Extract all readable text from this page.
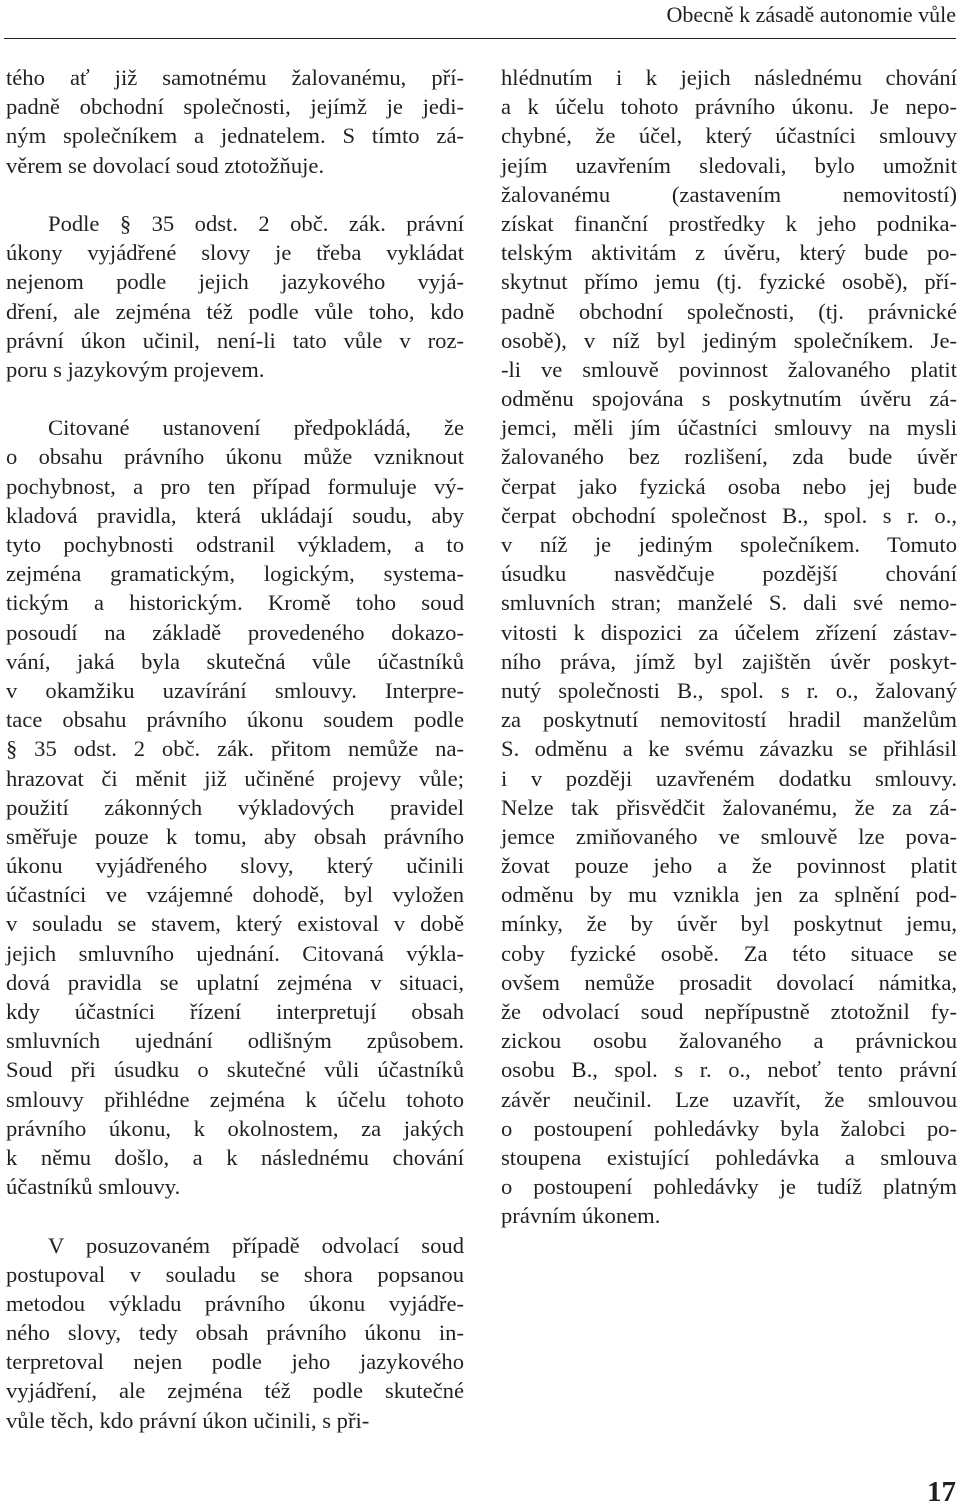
Obecně k zásadě autonomie vůle
tého ať již samotnému žalovanému, pří-
padně obchodní společnosti, jejímž je jedi-
ným společníkem a jednatelem. S tímto zá-
věrem se dovolací soud ztotožňuje.
Podle § 35 odst. 2 obč. zák. právní
úkony vyjádřené slovy je třeba vykládat
nejenom podle jejich jazykového vyjá-
dření, ale zejména též podle vůle toho, kdo
právní úkon učinil, není-li tato vůle v roz-
poru s jazykovým projevem.
Citované ustanovení předpokládá, že
o obsahu právního úkonu může vzniknout
pochybnost, a pro ten případ formuluje vý-
kladová pravidla, která ukládají soudu, aby
tyto pochybnosti odstranil výkladem, a to
zejména gramatickým, logickým, systema-
tickým a historickým. Kromě toho soud
posoudí na základě provedeného dokazo-
vání, jaká byla skutečná vůle účastníků
v okamžiku uzavírání smlouvy. Interpre-
tace obsahu právního úkonu soudem podle
§ 35 odst. 2 obč. zák. přitom nemůže na-
hrazovat či měnit již učiněné projevy vůle;
použití zákonných výkladových pravidel
směřuje pouze k tomu, aby obsah právního
úkonu vyjádřeného slovy, který učinili
účastníci ve vzájemné dohodě, byl vyložen
v souladu se stavem, který existoval v době
jejich smluvního ujednání. Citovaná výkla-
dová pravidla se uplatní zejména v situaci,
kdy účastníci řízení interpretují obsah
smluvních ujednání odlišným způsobem.
Soud při úsudku o skutečné vůli účastníků
smlouvy přihlédne zejména k účelu tohoto
právního úkonu, k okolnostem, za jakých
k němu došlo, a k následnému chování
účastníků smlouvy.
V posuzovaném případě odvolací soud
postupoval v souladu se shora popsanou
metodou výkladu právního úkonu vyjádře-
ného slovy, tedy obsah právního úkonu in-
terpretoval nejen podle jeho jazykového
vyjádření, ale zejména též podle skutečné
vůle těch, kdo právní úkon učinili, s při-
hlédnutím i k jejich následnému chování
a k účelu tohoto právního úkonu. Je nepo-
chybné, že účel, který účastníci smlouvy
jejím uzavřením sledovali, bylo umožnit
žalovanému (zastavením nemovitostí)
získat finanční prostředky k jeho podnika-
telským aktivitám z úvěru, který bude po-
skytnut přímo jemu (tj. fyzické osobě), pří-
padně obchodní společnosti, (tj. právnické
osobě), v níž byl jediným společníkem. Je-
-li ve smlouvě povinnost žalovaného platit
odměnu spojována s poskytnutím úvěru zá-
jemci, měli jím účastníci smlouvy na mysli
žalovaného bez rozlišení, zda bude úvěr
čerpat jako fyzická osoba nebo jej bude
čerpat obchodní společnost B., spol. s r. o.,
v níž je jediným společníkem. Tomuto
úsudku nasvědčuje pozdější chování
smluvních stran; manželé S. dali své nemo-
vitosti k dispozici za účelem zřízení zástav-
ního práva, jímž byl zajištěn úvěr poskyt-
nutý společnosti B., spol. s r. o., žalovaný
za poskytnutí nemovitostí hradil manželům
S. odměnu a ke svému závazku se přihlásil
i v později uzavřeném dodatku smlouvy.
Nelze tak přisvědčit žalovanému, že za zá-
jemce zmiňovaného ve smlouvě lze pova-
žovat pouze jeho a že povinnost platit
odměnu by mu vznikla jen za splnění pod-
mínky, že by úvěr byl poskytnut jemu,
coby fyzické osobě. Za této situace se
ovšem nemůže prosadit dovolací námitka,
že odvolací soud nepřípustně ztotožnil fy-
zickou osobu žalovaného a právnickou
osobu B., spol. s r. o., neboť tento právní
závěr neučinil. Lze uzavřít, že smlouvou
o postoupení pohledávky byla žalobci po-
stoupena existující pohledávka a smlouva
o postoupení pohledávky je tudíž platným
právním úkonem.
17
